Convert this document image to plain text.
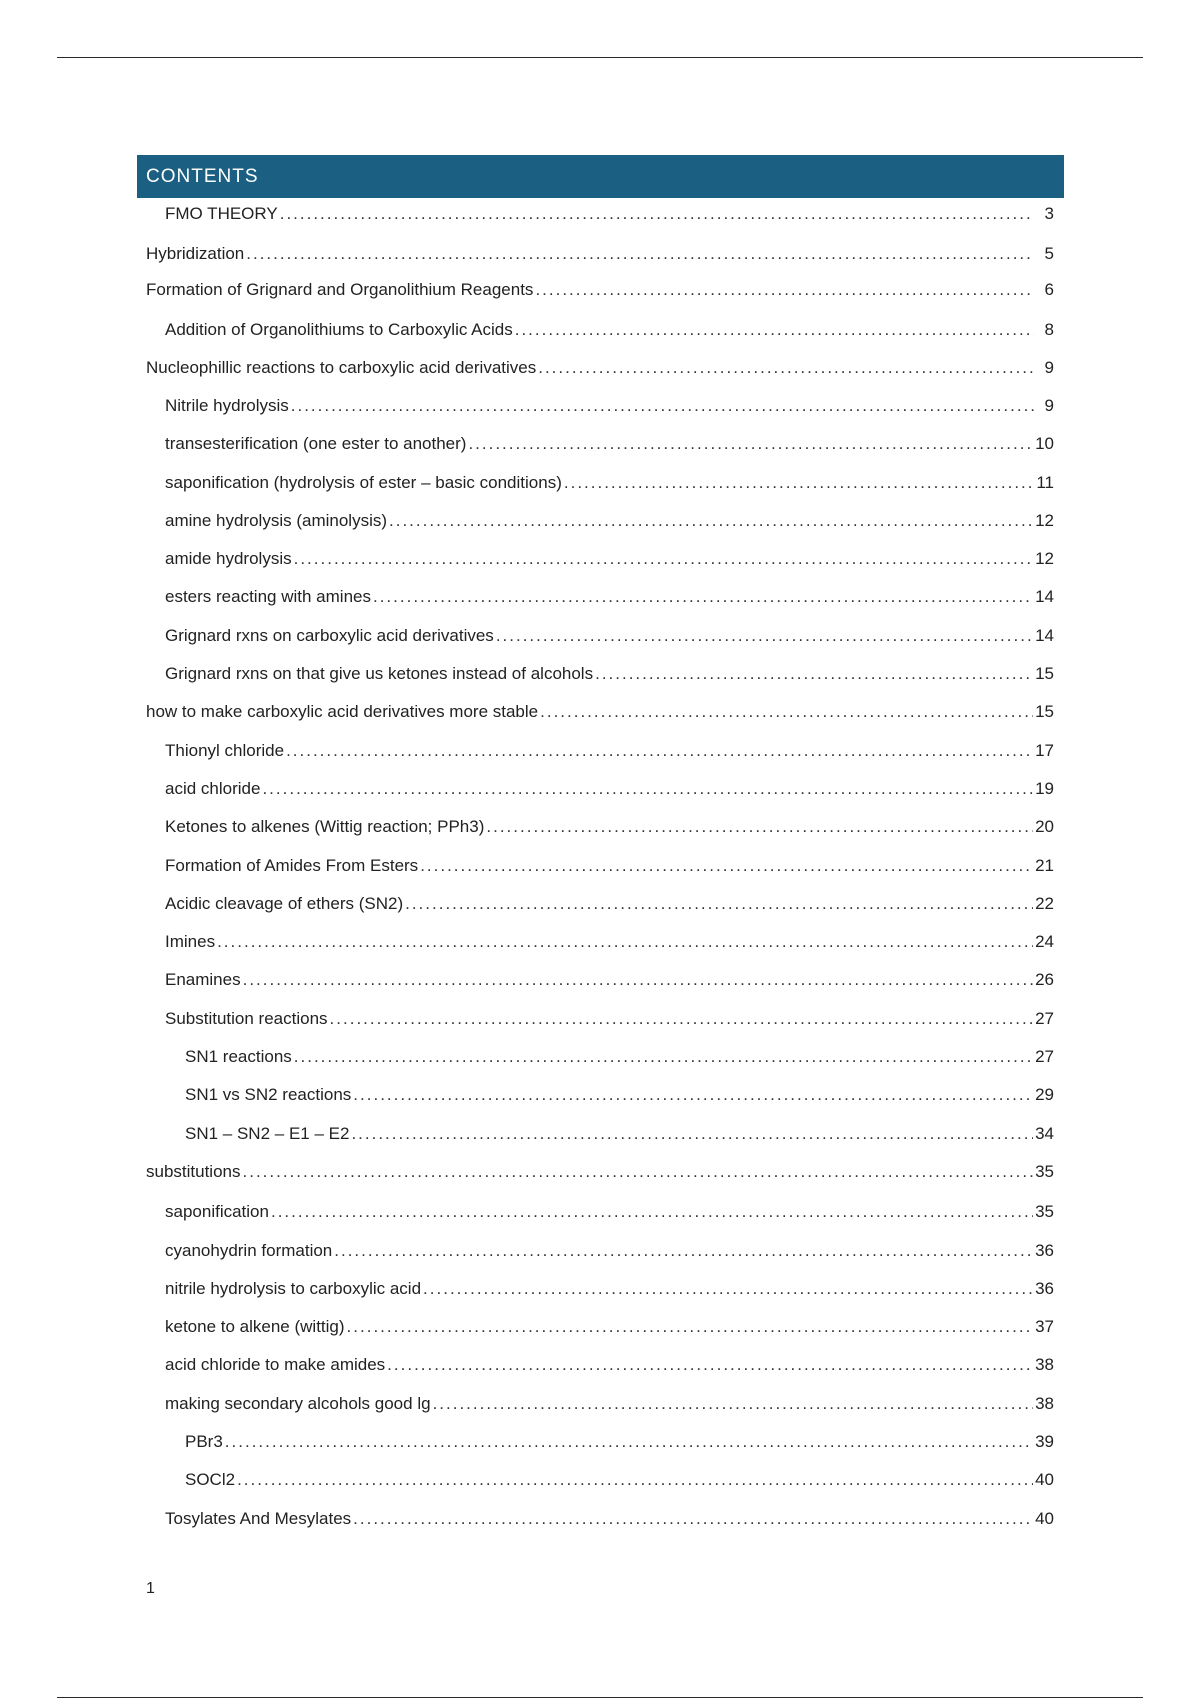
CONTENTS
FMO THEORY .....	3
Hybridization .....	5
Formation of Grignard and Organolithium Reagents .....	6
Addition of Organolithiums to Carboxylic Acids .....	8
Nucleophillic reactions to carboxylic acid derivatives .....	9
Nitrile hydrolysis .....	9
transesterification (one ester to another) .....	10
saponification (hydrolysis of ester – basic conditions) .....	11
amine hydrolysis (aminolysis) .....	12
amide hydrolysis .....	12
esters reacting with amines .....	14
Grignard rxns on carboxylic acid derivatives .....	14
Grignard rxns on that give us ketones instead of alcohols .....	15
how to make carboxylic acid derivatives more stable .....	15
Thionyl chloride .....	17
acid chloride .....	19
Ketones to alkenes (Wittig reaction; PPh3) .....	20
Formation of Amides From Esters .....	21
Acidic cleavage of ethers (SN2) .....	22
Imines .....	24
Enamines .....	26
Substitution reactions .....	27
SN1 reactions .....	27
SN1 vs SN2 reactions .....	29
SN1 – SN2 – E1 – E2 .....	34
substitutions .....	35
saponification .....	35
cyanohydrin formation .....	36
nitrile hydrolysis to carboxylic acid .....	36
ketone to alkene (wittig) .....	37
acid chloride to make amides .....	38
making secondary alcohols good lg .....	38
PBr3 .....	39
SOCl2 .....	40
Tosylates And Mesylates .....	40
1
